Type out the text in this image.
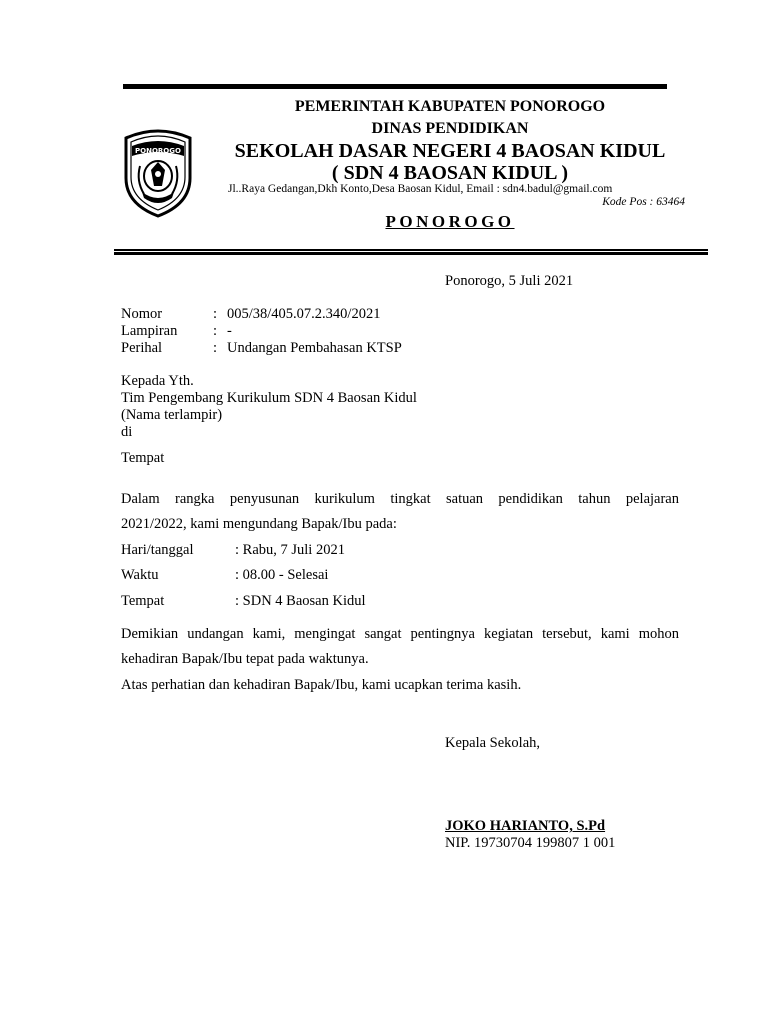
PONOROGO
PEMERINTAH KABUPATEN PONOROGO
DINAS PENDIDIKAN
SEKOLAH DASAR NEGERI 4 BAOSAN KIDUL
( SDN 4 BAOSAN KIDUL )
Jl..Raya Gedangan,Dkh Konto,Desa Baosan Kidul, Email : sdn4.badul@gmail.com
Kode Pos : 63464
PONOROGO
Ponorogo, 5 Juli 2021
Nomor	: 005/38/405.07.2.340/2021
Lampiran : -
Perihal	: Undangan Pembahasan KTSP
Kepada Yth.
Tim Pengembang Kurikulum SDN 4 Baosan Kidul
(Nama terlampir)
di
Tempat
Dalam rangka penyusunan kurikulum tingkat satuan pendidikan tahun pelajaran
2021/2022, kami mengundang Bapak/Ibu pada:
Hari/tanggal	: Rabu, 7 Juli 2021
Waktu	: 08.00 - Selesai
Tempat	: SDN 4 Baosan Kidul
Demikian undangan kami, mengingat sangat pentingnya kegiatan tersebut, kami mohon
kehadiran Bapak/Ibu tepat pada waktunya.
Atas perhatian dan kehadiran Bapak/Ibu, kami ucapkan terima kasih.
Kepala Sekolah,
JOKO HARIANTO, S.Pd
NIP. 19730704 199807 1 001
